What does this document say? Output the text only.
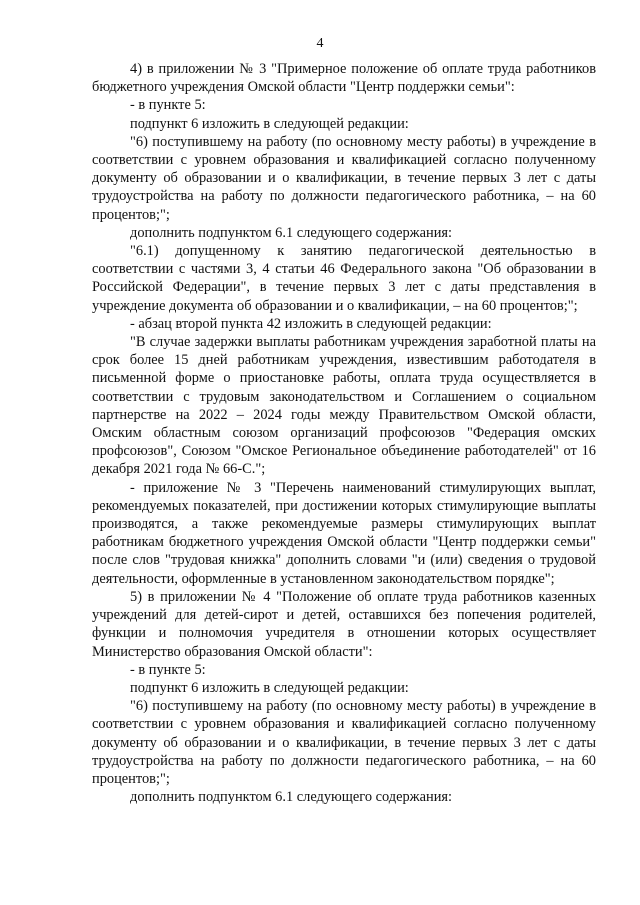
4

4) в приложении № 3 "Примерное положение об оплате труда работников бюджетного учреждения Омской области "Центр поддержки семьи":

- в пункте 5:

подпункт 6 изложить в следующей редакции:

"6) поступившему на работу (по основному месту работы) в учреждение в соответствии с уровнем образования и квалификацией согласно полученному документу об образовании и о квалификации, в течение первых 3 лет с даты трудоустройства на работу по должности педагогического работника, – на 60 процентов;";

дополнить подпунктом 6.1 следующего содержания:

"6.1) допущенному к занятию педагогической деятельностью в соответствии с частями 3, 4 статьи 46 Федерального закона "Об образовании в Российской Федерации", в течение первых 3 лет с даты представления в учреждение документа об образовании и о квалификации, – на 60 процентов;";

- абзац второй пункта 42 изложить в следующей редакции:

"В случае задержки выплаты работникам учреждения заработной платы на срок более 15 дней работникам учреждения, известившим работодателя в письменной форме о приостановке работы, оплата труда осуществляется в соответствии с трудовым законодательством и Соглашением о социальном партнерстве на 2022 – 2024 годы между Правительством Омской области, Омским областным союзом организаций профсоюзов "Федерация омских профсоюзов", Союзом "Омское Региональное объединение работодателей" от 16 декабря 2021 года № 66-С.";

- приложение № 3 "Перечень наименований стимулирующих выплат, рекомендуемых показателей, при достижении которых стимулирующие выплаты производятся, а также рекомендуемые размеры стимулирующих выплат работникам бюджетного учреждения Омской области "Центр поддержки семьи" после слов "трудовая книжка" дополнить словами "и (или) сведения о трудовой деятельности, оформленные в установленном законодательством порядке";

5) в приложении № 4 "Положение об оплате труда работников казенных учреждений для детей-сирот и детей, оставшихся без попечения родителей, функции и полномочия учредителя в отношении которых осуществляет Министерство образования Омской области":

- в пункте 5:

подпункт 6 изложить в следующей редакции:

"6) поступившему на работу (по основному месту работы) в учреждение в соответствии с уровнем образования и квалификацией согласно полученному документу об образовании и о квалификации, в течение первых 3 лет с даты трудоустройства на работу по должности педагогического работника, – на 60 процентов;";

дополнить подпунктом 6.1 следующего содержания:
